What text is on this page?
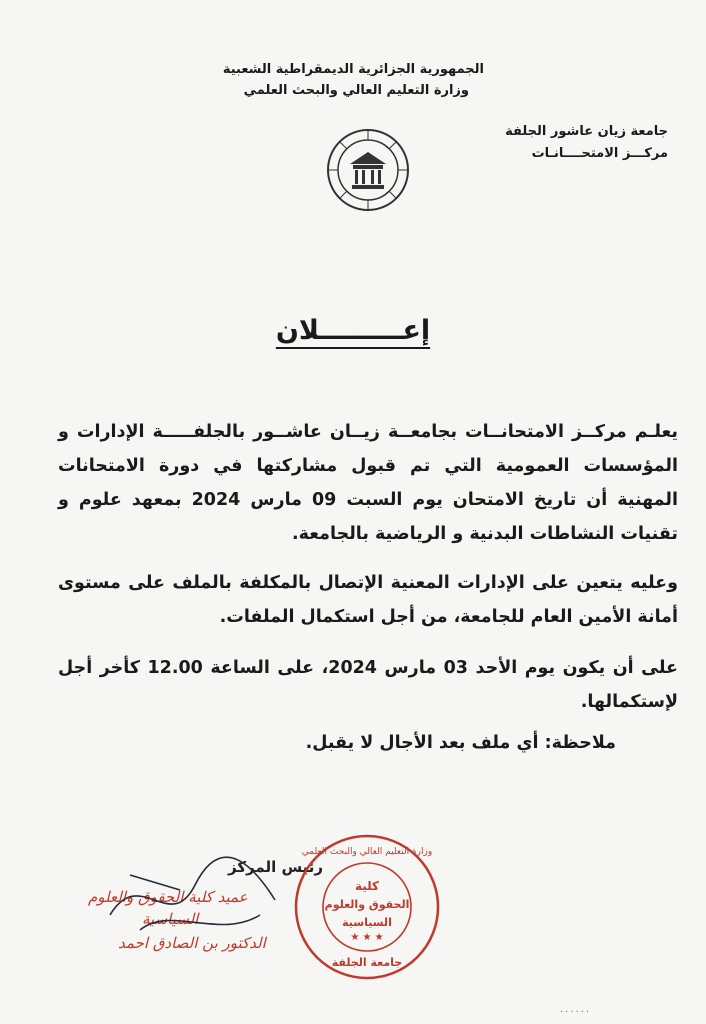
الجمهورية الجزائرية الديمقراطية الشعبية
وزارة التعليم العالي والبحث العلمي
جامعة زيان عاشور الجلفة
مركـــز الامتحــــانـات
إعـــــــــلان
يعلـم مركــز الامتحانــات بجامعــة زيــان عاشــور بالجلفـــــة الإدارات و المؤسسات العمومية التي تم قبول مشاركتها في دورة الامتحانات المهنية أن تاريخ الامتحان يوم السبت 09 مارس 2024 بمعهد علوم و تقنيات النشاطات البدنية و الرياضية بالجامعة.
وعليه يتعين على الإدارات المعنية الإتصال بالمكلفة بالملف على مستوى أمانة الأمين العام للجامعة، من أجل استكمال الملفات.
على أن يكون يوم الأحد 03 مارس 2024، على الساعة 12.00 كأخر أجل لإستكمالها.
ملاحظة: أي ملف بعد الأجال لا يقبل.
رئيس المركز
عميد كلية الحقوق والعلوم
السياسية
الدكتور بن الصادق احمد
وزارة التعليم العالي والبحث العلمي
كلية
الحقوق والعلوم
السياسية
جامعة الجلفة
★ ★ ★
......
